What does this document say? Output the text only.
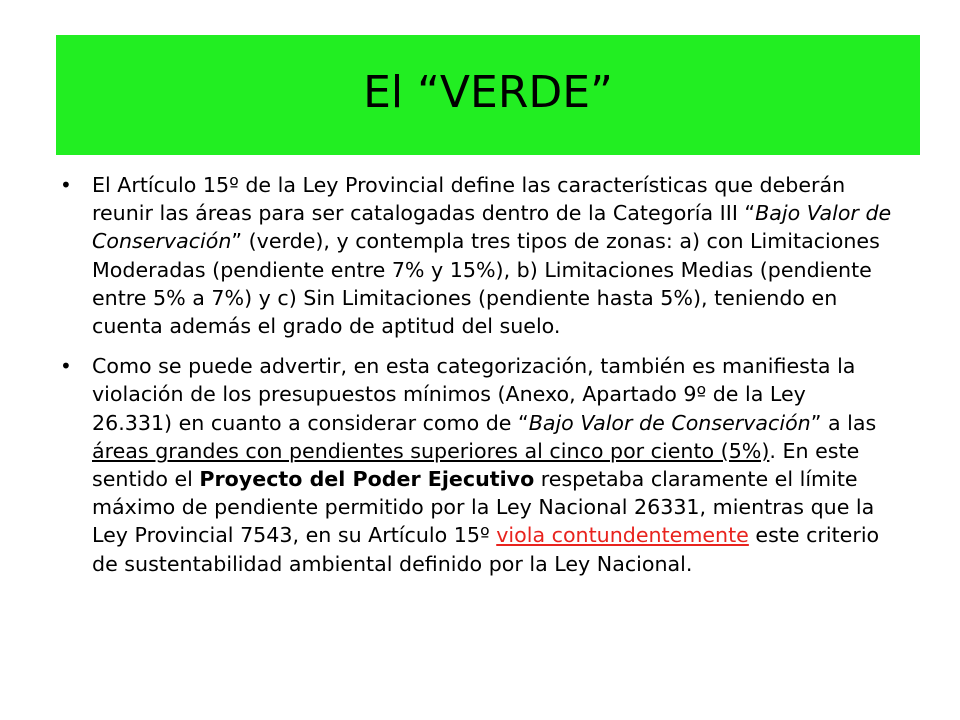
El “VERDE”
• El Artículo 15º de la Ley Provincial define las características que deberán reunir las áreas para ser catalogadas dentro de la Categoría III “Bajo Valor de Conservación” (verde), y contempla tres tipos de zonas: a) con Limitaciones Moderadas (pendiente entre 7% y 15%), b) Limitaciones Medias (pendiente entre 5% a 7%) y c) Sin Limitaciones (pendiente hasta 5%), teniendo en cuenta además el grado de aptitud del suelo.
• Como se puede advertir, en esta categorización, también es manifiesta la violación de los presupuestos mínimos (Anexo, Apartado 9º de la Ley 26.331) en cuanto a considerar como de “Bajo Valor de Conservación” a las áreas grandes con pendientes superiores al cinco por ciento (5%). En este sentido el Proyecto del Poder Ejecutivo respetaba claramente el límite máximo de pendiente permitido por la Ley Nacional 26331, mientras que la Ley Provincial 7543, en su Artículo 15º viola contundentemente este criterio de sustentabilidad ambiental definido por la Ley Nacional.
